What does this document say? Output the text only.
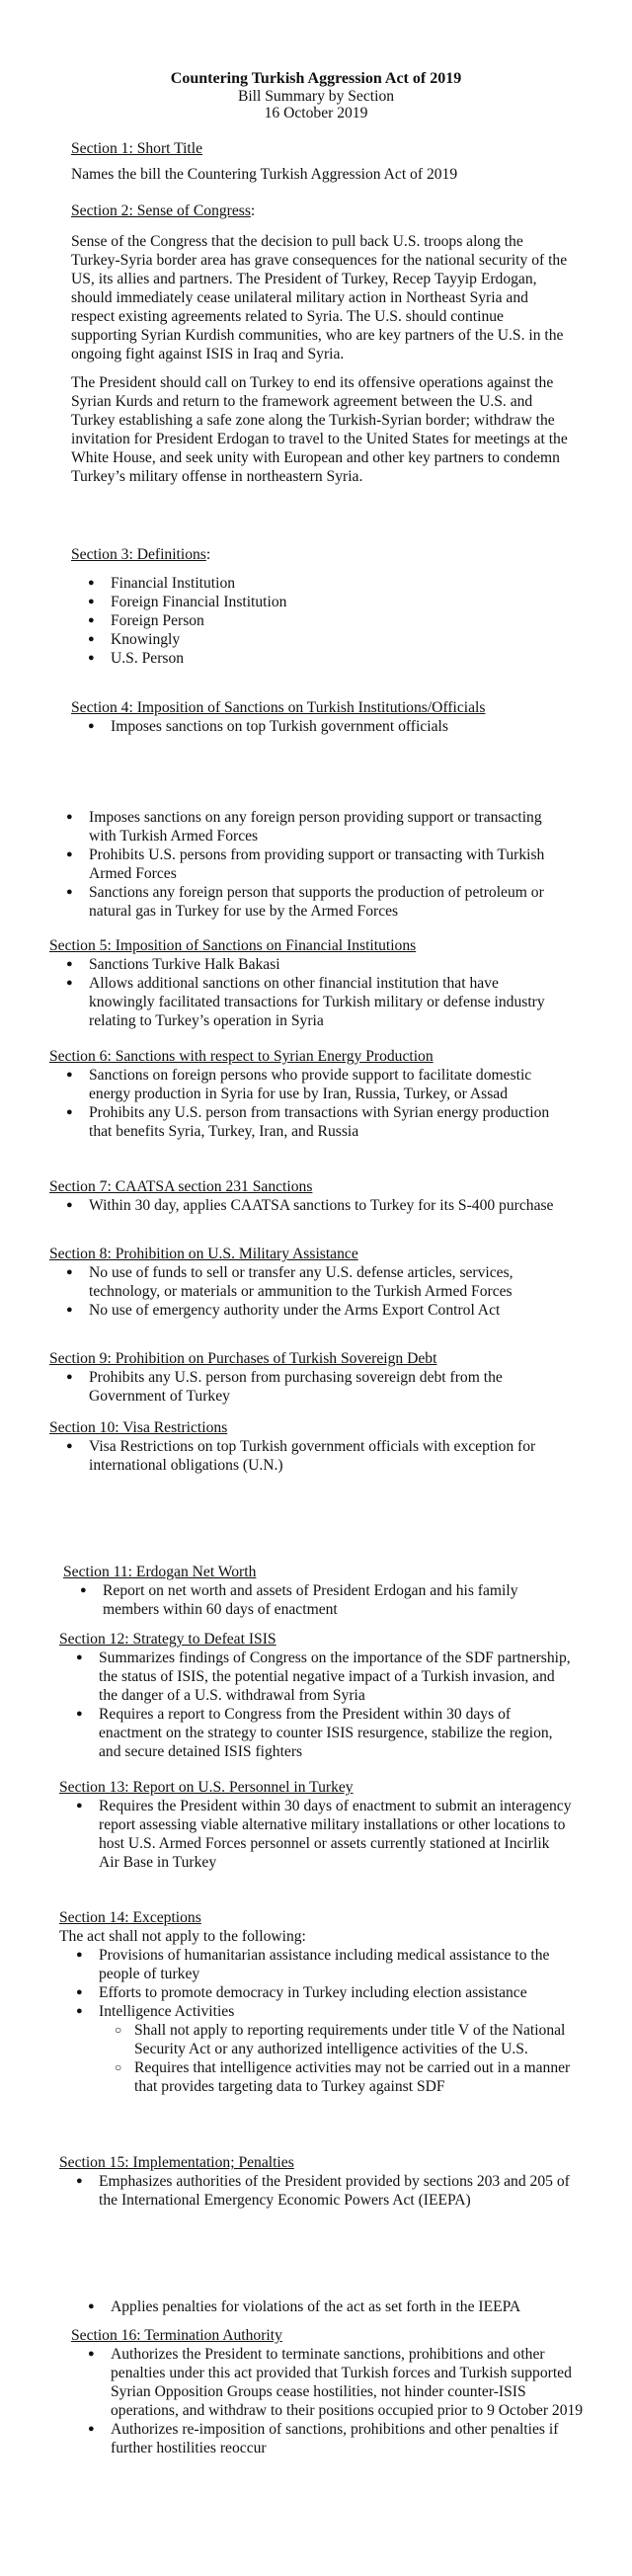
Countering Turkish Aggression Act of 2019
Bill Summary by Section
16 October 2019
Section 1: Short Title

Names the bill the Countering Turkish Aggression Act of 2019

Section 2: Sense of Congress:

Sense of the Congress that the decision to pull back U.S. troops along the Turkey-Syria border area has grave consequences for the national security of the US, its allies and partners. The President of Turkey, Recep Tayyip Erdogan, should immediately cease unilateral military action in Northeast Syria and respect existing agreements related to Syria. The U.S. should continue supporting Syrian Kurdish communities, who are key partners of the U.S. in the ongoing fight against ISIS in Iraq and Syria.

The President should call on Turkey to end its offensive operations against the Syrian Kurds and return to the framework agreement between the U.S. and Turkey establishing a safe zone along the Turkish-Syrian border; withdraw the invitation for President Erdogan to travel to the United States for meetings at the White House, and seek unity with European and other key partners to condemn Turkey’s military offense in northeastern Syria.

Section 3: Definitions:
● Financial Institution
● Foreign Financial Institution
● Foreign Person
● Knowingly
● U.S. Person
Section 4: Imposition of Sanctions on Turkish Institutions/Officials
● Imposes sanctions on top Turkish government officials
● Imposes sanctions on any foreign person providing support or transacting with Turkish Armed Forces
● Prohibits U.S. persons from providing support or transacting with Turkish Armed Forces
● Sanctions any foreign person that supports the production of petroleum or natural gas in Turkey for use by the Armed Forces
Section 5: Imposition of Sanctions on Financial Institutions
● Sanctions Turkive Halk Bakasi
● Allows additional sanctions on other financial institution that have knowingly facilitated transactions for Turkish military or defense industry relating to Turkey’s operation in Syria
Section 6: Sanctions with respect to Syrian Energy Production
● Sanctions on foreign persons who provide support to facilitate domestic energy production in Syria for use by Iran, Russia, Turkey, or Assad
● Prohibits any U.S. person from transactions with Syrian energy production that benefits Syria, Turkey, Iran, and Russia
Section 7: CAATSA section 231 Sanctions
● Within 30 day, applies CAATSA sanctions to Turkey for its S-400 purchase
Section 8: Prohibition on U.S. Military Assistance
● No use of funds to sell or transfer any U.S. defense articles, services, technology, or materials or ammunition to the Turkish Armed Forces
● No use of emergency authority under the Arms Export Control Act
Section 9: Prohibition on Purchases of Turkish Sovereign Debt
● Prohibits any U.S. person from purchasing sovereign debt from the Government of Turkey
Section 10: Visa Restrictions
● Visa Restrictions on top Turkish government officials with exception for international obligations (U.N.)
Section 11: Erdogan Net Worth
● Report on net worth and assets of President Erdogan and his family members within 60 days of enactment
Section 12: Strategy to Defeat ISIS
● Summarizes findings of Congress on the importance of the SDF partnership, the status of ISIS, the potential negative impact of a Turkish invasion, and the danger of a U.S. withdrawal from Syria
● Requires a report to Congress from the President within 30 days of enactment on the strategy to counter ISIS resurgence, stabilize the region, and secure detained ISIS fighters
Section 13: Report on U.S. Personnel in Turkey
● Requires the President within 30 days of enactment to submit an interagency report assessing viable alternative military installations or other locations to host U.S. Armed Forces personnel or assets currently stationed at Incirlik Air Base in Turkey
Section 14: Exceptions

The act shall not apply to the following:

● Provisions of humanitarian assistance including medical assistance to the people of turkey
● Efforts to promote democracy in Turkey including election assistance
● Intelligence Activities
○ Shall not apply to reporting requirements under title V of the National Security Act or any authorized intelligence activities of the U.S.
○ Requires that intelligence activities may not be carried out in a manner that provides targeting data to Turkey against SDF
Section 15: Implementation; Penalties
● Emphasizes authorities of the President provided by sections 203 and 205 of the International Emergency Economic Powers Act (IEEPA)
● Applies penalties for violations of the act as set forth in the IEEPA
Section 16: Termination Authority
● Authorizes the President to terminate sanctions, prohibitions and other penalties under this act provided that Turkish forces and Turkish supported Syrian Opposition Groups cease hostilities, not hinder counter-ISIS operations, and withdraw to their positions occupied prior to 9 October 2019
● Authorizes re-imposition of sanctions, prohibitions and other penalties if further hostilities reoccur
